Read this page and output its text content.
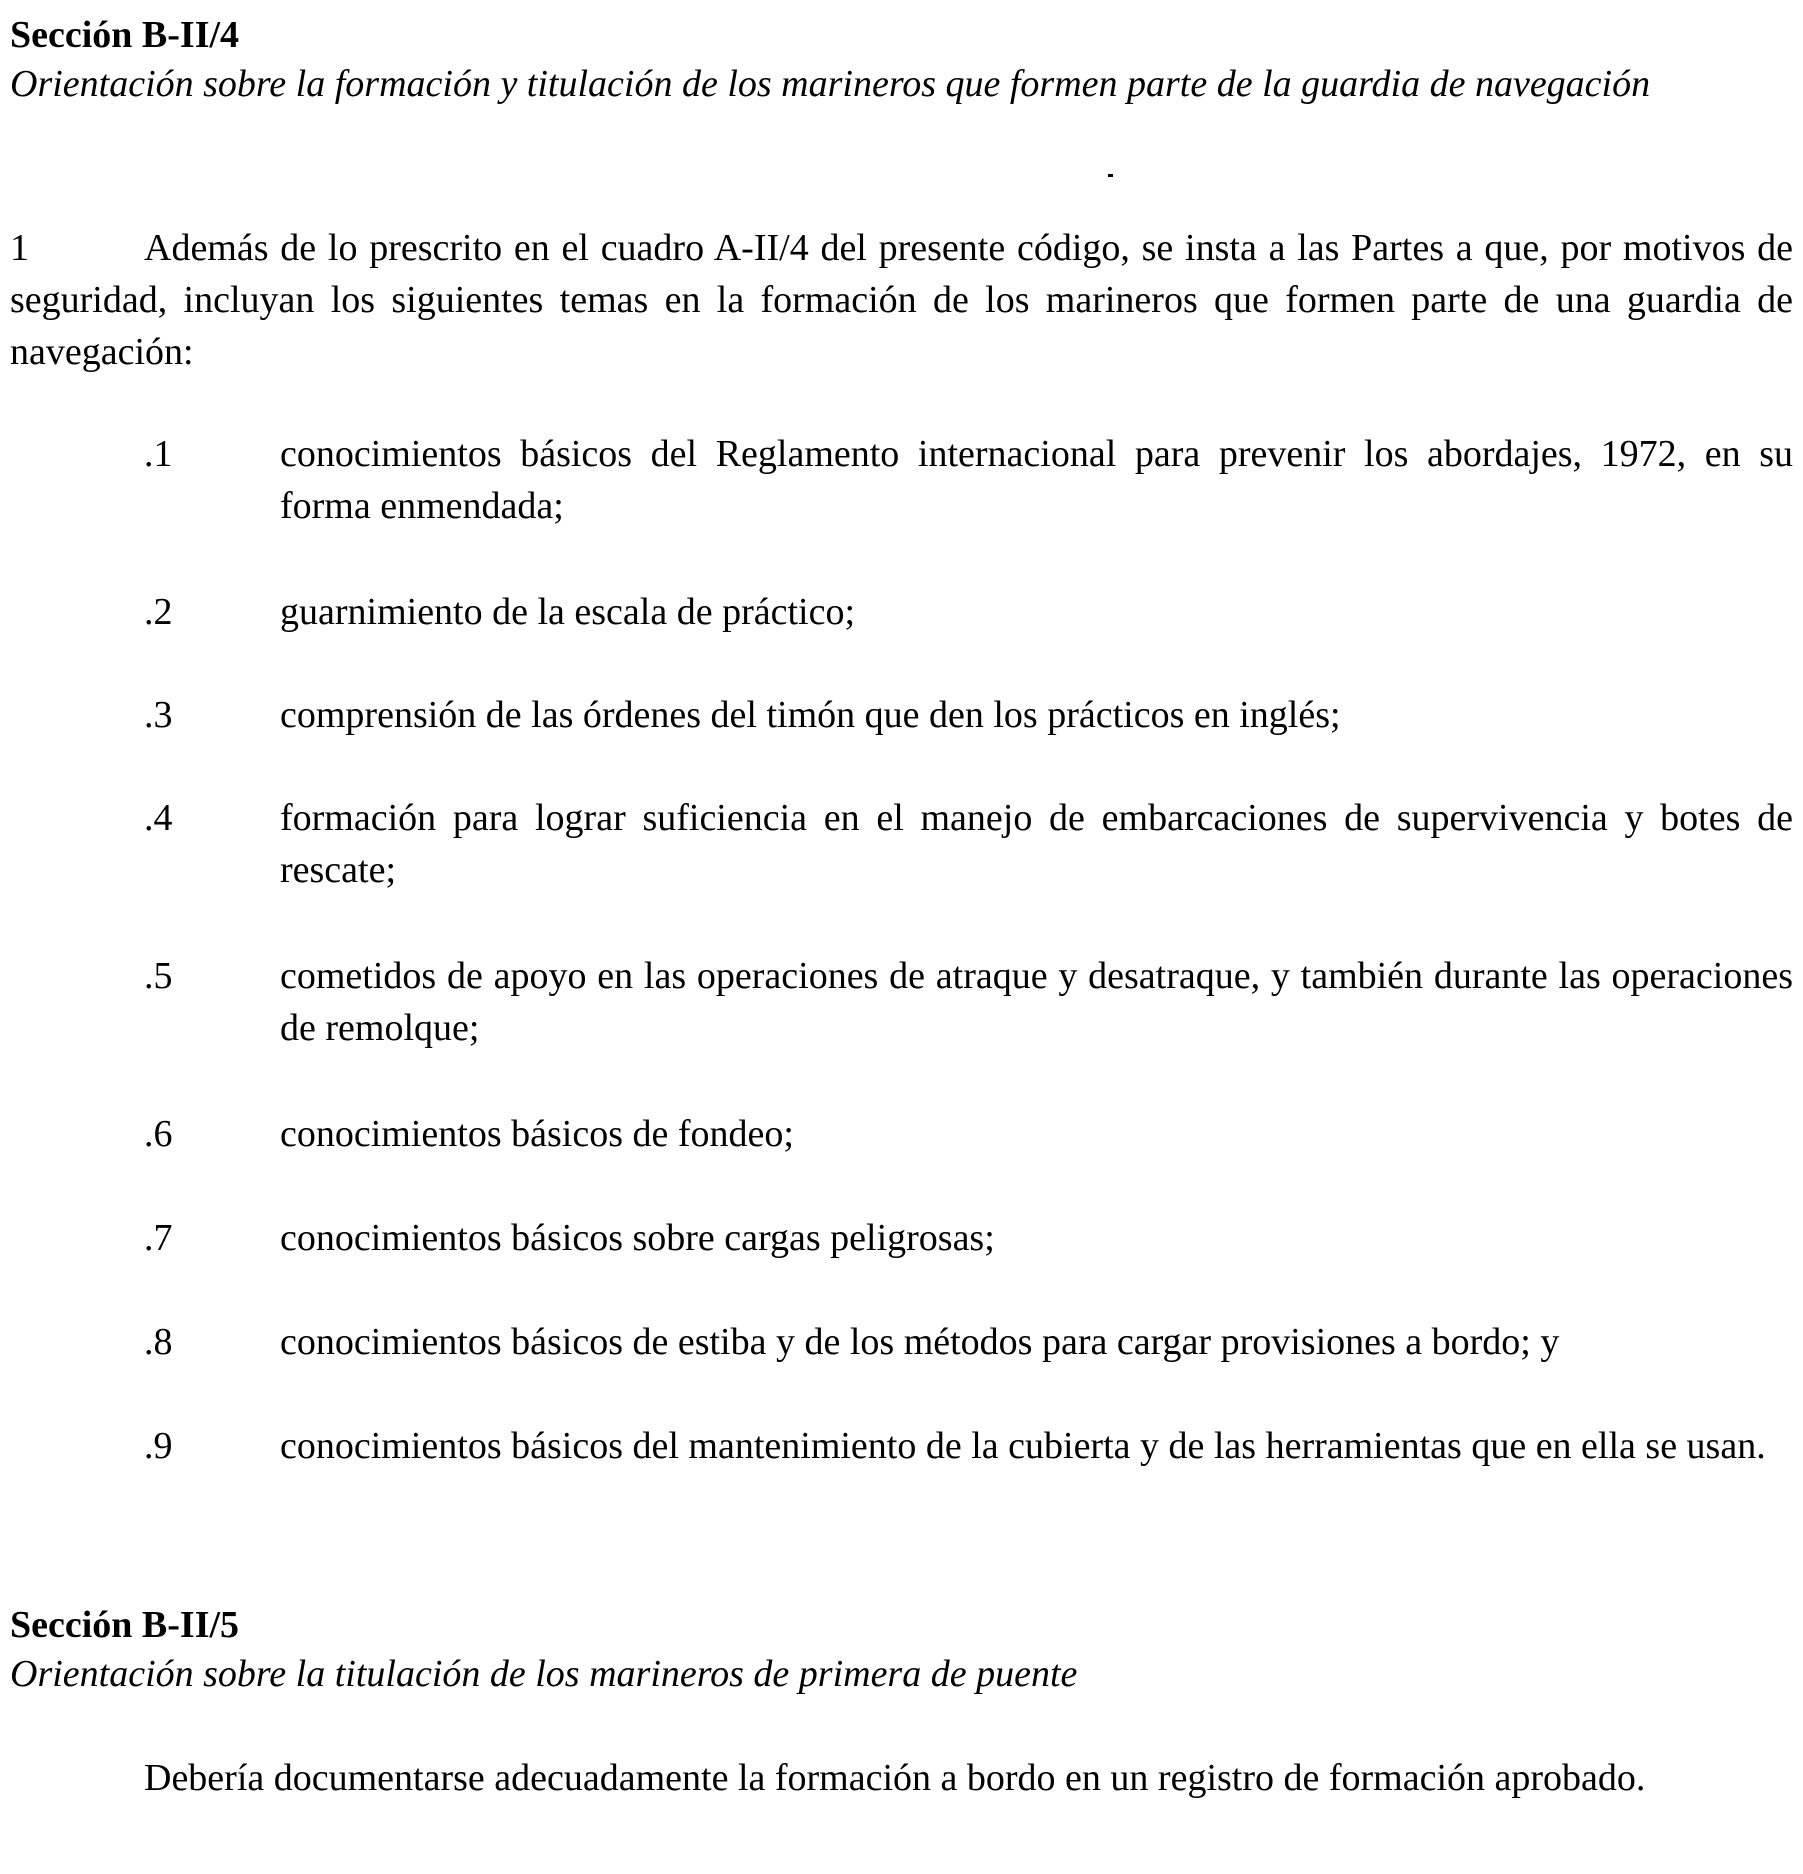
Sección B-II/4
Orientación sobre la formación y titulación de los marineros que formen parte de la guardia de navegación
1	Además de lo prescrito en el cuadro A-II/4 del presente código, se insta a las Partes a que, por motivos de seguridad, incluyan los siguientes temas en la formación de los marineros que formen parte de una guardia de navegación:
.1	conocimientos básicos del Reglamento internacional para prevenir los abordajes, 1972, en su forma enmendada;
.2	guarnimiento de la escala de práctico;
.3	comprensión de las órdenes del timón que den los prácticos en inglés;
.4	formación para lograr suficiencia en el manejo de embarcaciones de supervivencia y botes de rescate;
.5	cometidos de apoyo en las operaciones de atraque y desatraque, y también durante las operaciones de remolque;
.6	conocimientos básicos de fondeo;
.7	conocimientos básicos sobre cargas peligrosas;
.8	conocimientos básicos de estiba y de los métodos para cargar provisiones a bordo; y
.9	conocimientos básicos del mantenimiento de la cubierta y de las herramientas que en ella se usan.
Sección B-II/5
Orientación sobre la titulación de los marineros de primera de puente
Debería documentarse adecuadamente la formación a bordo en un registro de formación aprobado.
